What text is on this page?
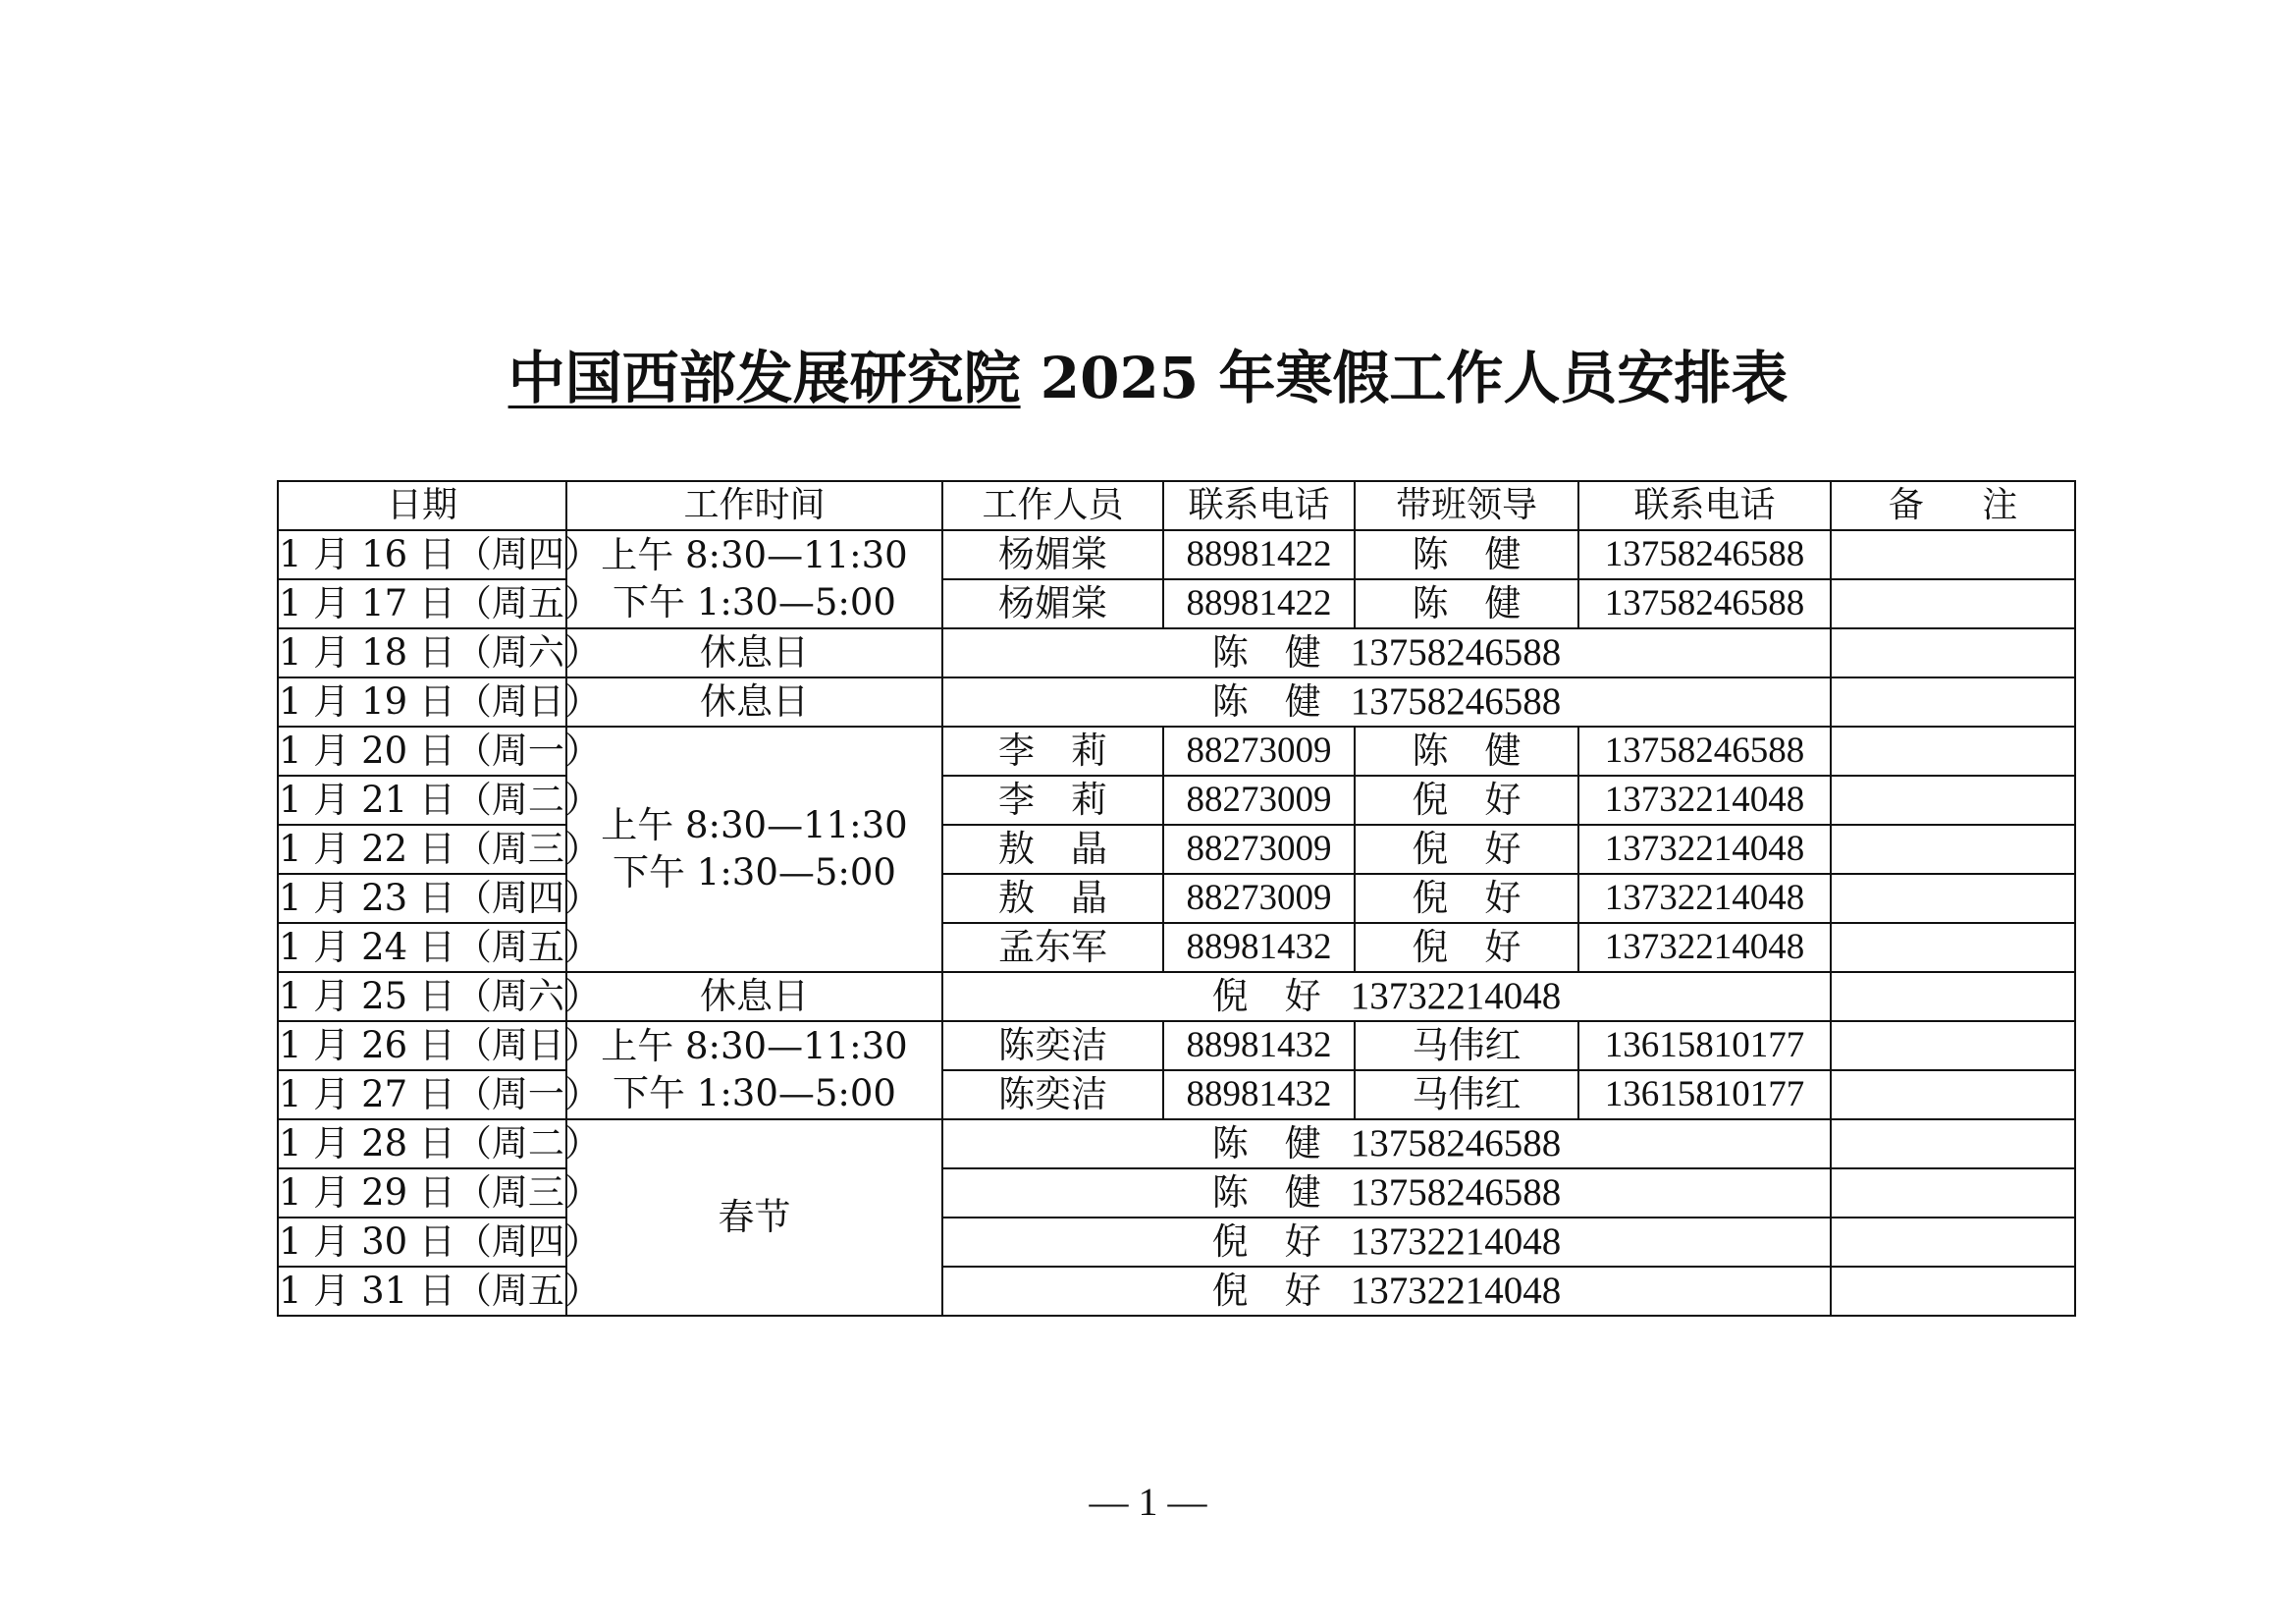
中国西部发展研究院 2025 年寒假工作人员安排表
日期	工作时间	工作人员	联系电话	带班领导	联系电话	备 注
1 月 16 日（周四）	上午 8:30—11:30
下午 1:30—5:00	杨媚棠	88981422	陈　健	13758246588	
1 月 17 日（周五）		杨媚棠	88981422	陈　健	13758246588	
1 月 18 日（周六）	休息日	陈　健 13758246588				
1 月 19 日（周日）	休息日	陈　健 13758246588				
1 月 20 日（周一）	上午 8:30—11:30
下午 1:30—5:00	李　莉	88273009	陈　健	13758246588	
1 月 21 日（周二）		李　莉	88273009	倪　好	13732214048	
1 月 22 日（周三）		敖　晶	88273009	倪　好	13732214048	
1 月 23 日（周四）		敖　晶	88273009	倪　好	13732214048	
1 月 24 日（周五）		孟东军	88981432	倪　好	13732214048	
1 月 25 日（周六）	休息日	倪　好 13732214048				
1 月 26 日（周日）	上午 8:30—11:30
下午 1:30—5:00	陈奕洁	88981432	马伟红	13615810177	
1 月 27 日（周一）		陈奕洁	88981432	马伟红	13615810177	
1 月 28 日（周二）	春节	陈　健 13758246588				
1 月 29 日（周三）		陈　健 13758246588				
1 月 30 日（周四）		倪　好 13732214048				
1 月 31 日（周五）		倪　好 13732214048				
— 1 —
